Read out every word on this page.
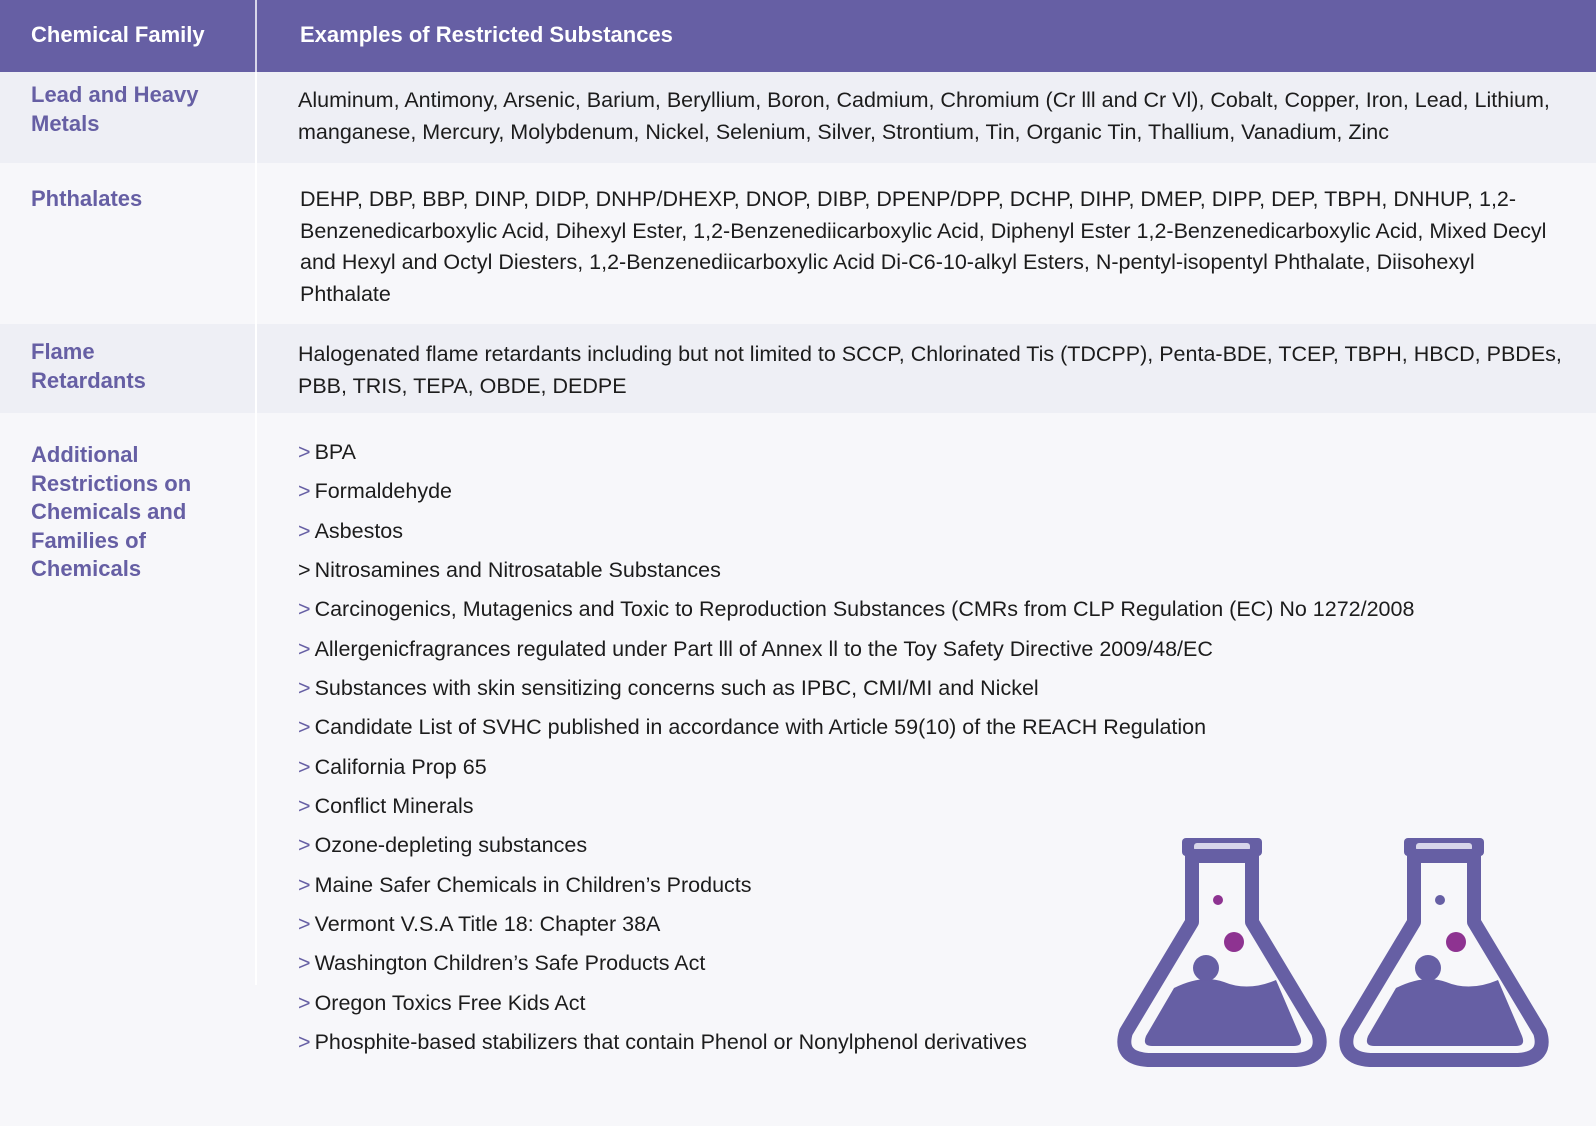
Chemical Family	Examples of Restricted Substances
Lead and Heavy Metals
Aluminum, Antimony, Arsenic, Barium, Beryllium, Boron, Cadmium, Chromium (Cr lll and Cr Vl), Cobalt, Copper, Iron, Lead, Lithium, manganese, Mercury, Molybdenum, Nickel, Selenium, Silver, Strontium, Tin, Organic Tin, Thallium, Vanadium, Zinc
Phthalates	DEHP, DBP, BBP, DINP, DIDP, DNHP/DHEXP, DNOP, DIBP, DPENP/DPP, DCHP, DIHP, DMEP, DIPP, DEP, TBPH, DNHUP, 1,2- Benzenedicarboxylic Acid, Dihexyl Ester, 1,2-Benzenediicarboxylic Acid, Diphenyl Ester 1,2-Benzenedicarboxylic Acid, Mixed Decyl and Hexyl and Octyl Diesters, 1,2-Benzenediicarboxylic Acid Di-C6-10-alkyl Esters, N-pentyl-isopentyl Phthalate, Diisohexyl Phthalate
Flame Retardants
Halogenated flame retardants including but not limited to SCCP, Chlorinated Tis (TDCPP), Penta-BDE, TCEP, TBPH, HBCD, PBDEs, PBB, TRIS, TEPA, OBDE, DEDPE
Additional Restrictions on Chemicals and Families of Chemicals
> BPA
> Formaldehyde
> Asbestos
> Nitrosamines and Nitrosatable Substances
> Carcinogenics, Mutagenics and Toxic to Reproduction Substances (CMRs from CLP Regulation (EC) No 1272/2008
> Allergenicfragrances regulated under Part lll of Annex ll to the Toy Safety Directive 2009/48/EC
> Substances with skin sensitizing concerns such as IPBC, CMI/MI and Nickel
> Candidate List of SVHC published in accordance with Article 59(10) of the REACH Regulation
> California Prop 65
> Conflict Minerals
> Ozone-depleting substances
> Maine Safer Chemicals in Children’s Products
> Vermont V.S.A Title 18: Chapter 38A
> Washington Children’s Safe Products Act
> Oregon Toxics Free Kids Act
> Phosphite-based stabilizers that contain Phenol or Nonylphenol derivatives
